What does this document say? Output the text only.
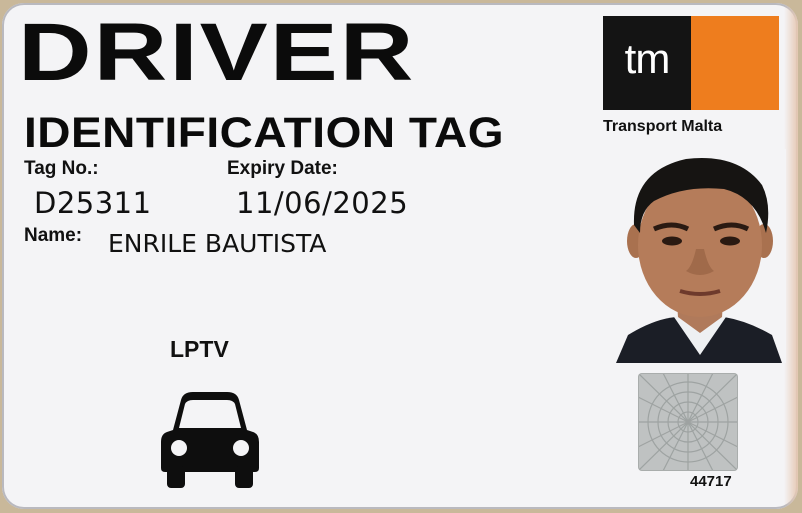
DRIVER
IDENTIFICATION TAG
tm
Transport Malta
Tag No.:
D25311
Expiry Date:
11/06/2025
Name: ENRILE BAUTISTA
LPTV
44717
